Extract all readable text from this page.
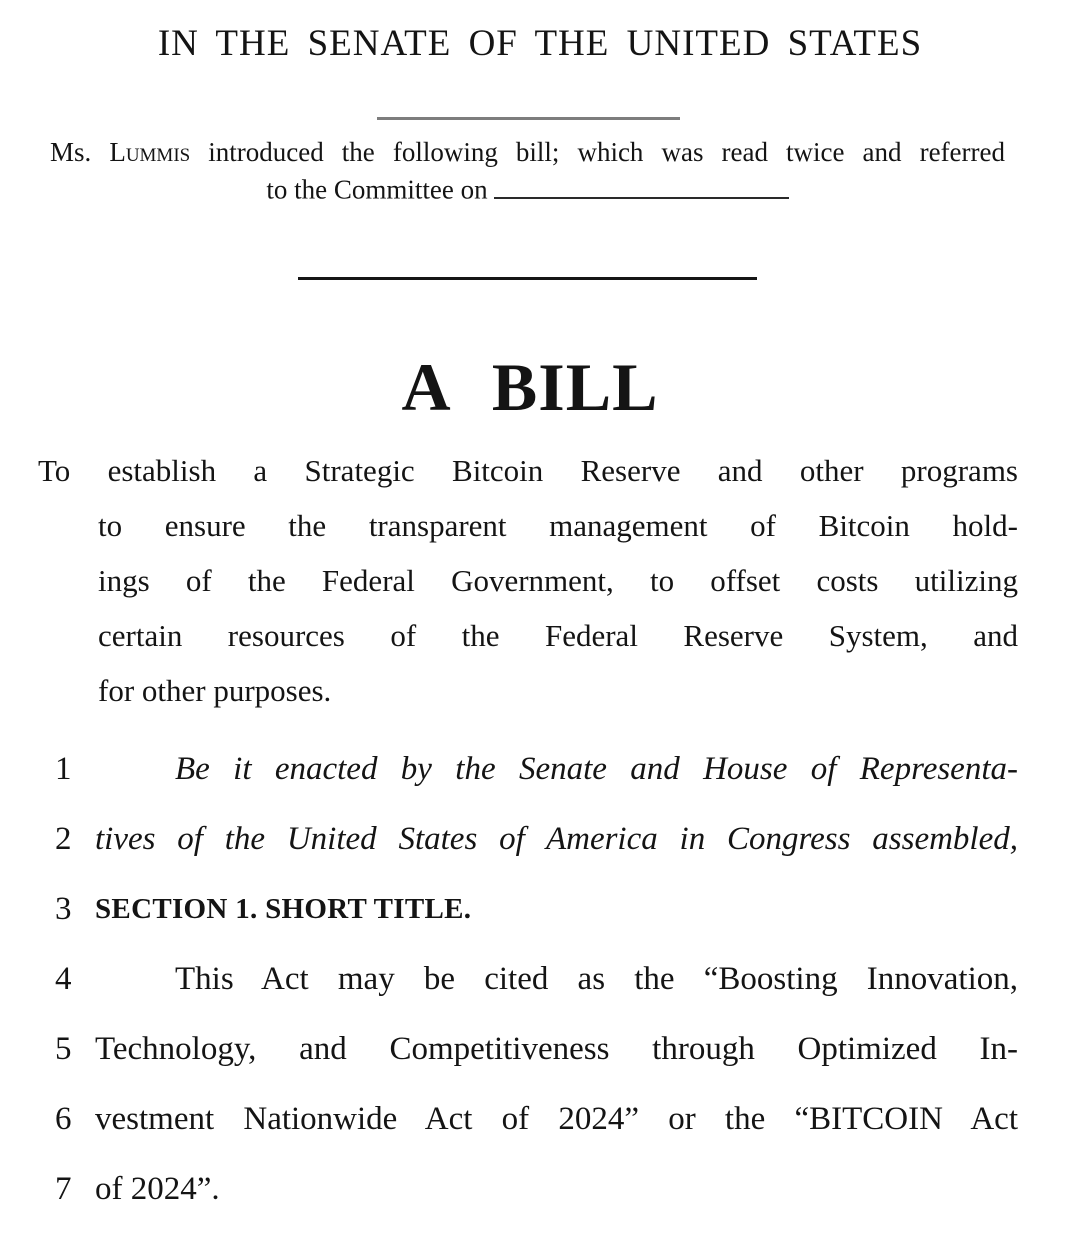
IN THE SENATE OF THE UNITED STATES
Ms. Lummis introduced the following bill; which was read twice and referred
to the Committee on
A BILL
To establish a Strategic Bitcoin Reserve and other programs
to ensure the transparent management of Bitcoin hold-
ings of the Federal Government, to offset costs utilizing
certain resources of the Federal Reserve System, and
for other purposes.
1	Be it enacted by the Senate and House of Representa-
2 tives of the United States of America in Congress assembled,
3 SECTION 1. SHORT TITLE.
4	This Act may be cited as the “Boosting Innovation,
5 Technology, and Competitiveness through Optimized In-
6 vestment Nationwide Act of 2024” or the “BITCOIN Act
7 of 2024”.
